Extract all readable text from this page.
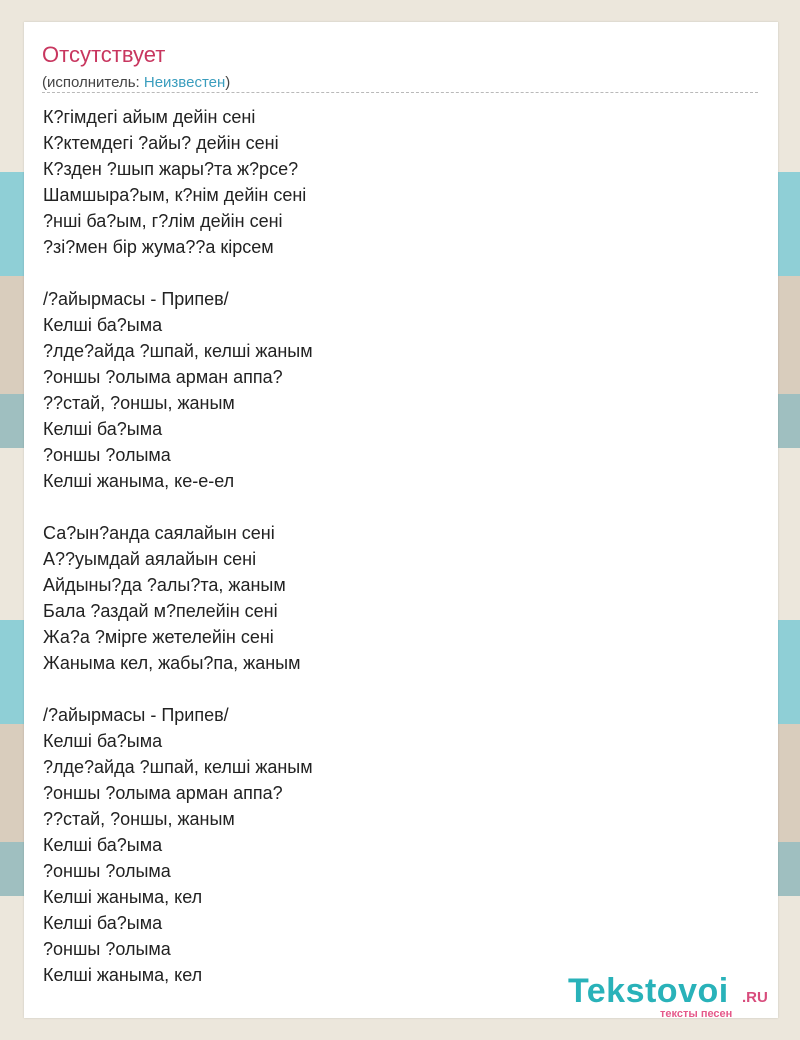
Отсутствует
(исполнитель: Неизвестен)
К?гімдегі айым дейін сені
К?ктемдегі ?айы? дейін сені
К?зден ?шып жары?та ж?рсе?
Шамшыра?ым, к?нім дейін сені
?нші ба?ым, г?лім дейін сені
?зі?мен бір жума??а кірсем
/?айырмасы - Припев/
Келші ба?ыма
?лде?айда ?шпай, келші жаным
?оншы ?олыма арман аппа?
??стай, ?оншы, жаным
Келші ба?ыма
?оншы ?олыма
Келші жаныма, ке-е-ел
Са?ын?анда саялайын сені
А??уымдай аялайын сені
Айдыны?да ?алы?та, жаным
Бала ?аздай м?пелейін сені
Жа?а ?мірге жетелейін сені
Жаныма кел, жабы?па, жаным
/?айырмасы - Припев/
Келші ба?ыма
?лде?айда ?шпай, келші жаным
?оншы ?олыма арман аппа?
??стай, ?оншы, жаным
Келші ба?ыма
?оншы ?олыма
Келші жаныма, кел
Келші ба?ыма
?оншы ?олыма
Келші жаныма, кел	Tekstovoi .RU
тексты песен
